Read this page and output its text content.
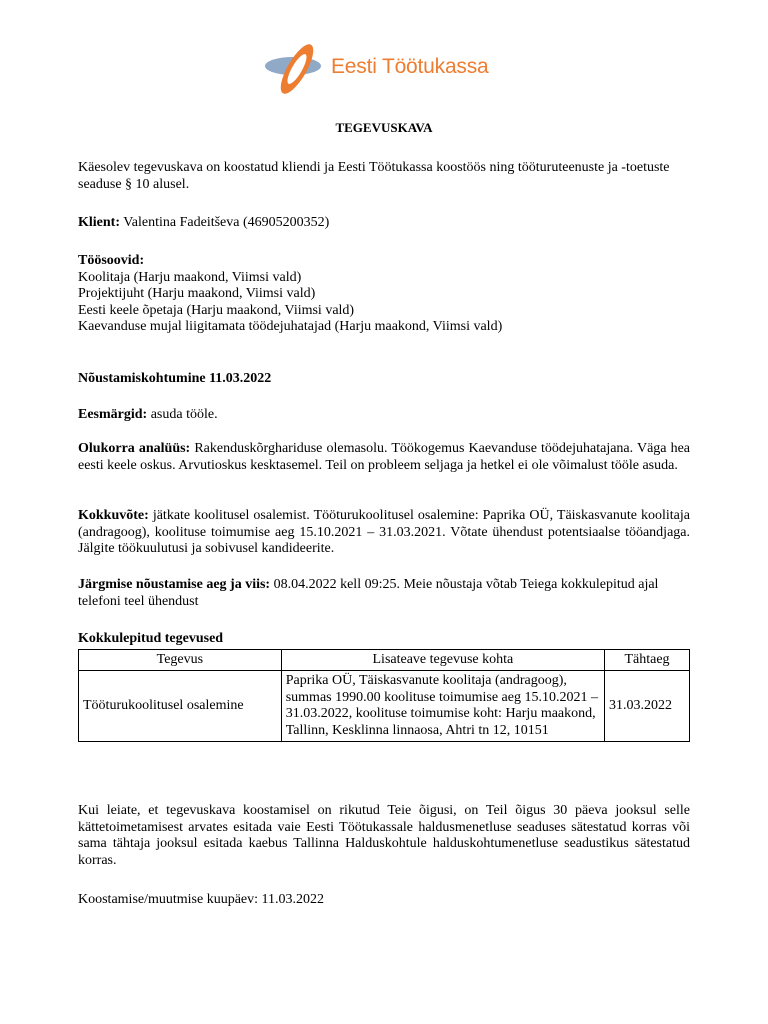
Eesti Töötukassa
TEGEVUSKAVA
Käesolev tegevuskava on koostatud kliendi ja Eesti Töötukassa koostöös ning tööturuteenuste ja -toetuste seaduse § 10 alusel.
Klient: Valentina Fadeitševa (46905200352)
Töösoovid:
Koolitaja (Harju maakond, Viimsi vald)
Projektijuht (Harju maakond, Viimsi vald)
Eesti keele õpetaja (Harju maakond, Viimsi vald)
Kaevanduse mujal liigitamata töödejuhatajad (Harju maakond, Viimsi vald)
Nõustamiskohtumine 11.03.2022
Eesmärgid: asuda tööle.
Olukorra analüüs: Rakenduskõrghariduse olemasolu. Töökogemus Kaevanduse töödejuhatajana. Väga hea eesti keele oskus. Arvutioskus kesktasemel. Teil on probleem seljaga ja hetkel ei ole võimalust tööle asuda.
Kokkuvõte: jätkate koolitusel osalemist. Tööturukoolitusel osalemine: Paprika OÜ, Täiskasvanute koolitaja (andragoog), koolituse toimumise aeg 15.10.2021 – 31.03.2021. Võtate ühendust potentsiaalse tööandjaga. Jälgite töökuulutusi ja sobivusel kandideerite.
Järgmise nõustamise aeg ja viis: 08.04.2022 kell 09:25. Meie nõustaja võtab Teiega kokkulepitud ajal telefoni teel ühendust
Kokkulepitud tegevused
Tegevus	Lisateave tegevuse kohta	Tähtaeg
Tööturukoolitusel osalemine	Paprika OÜ, Täiskasvanute koolitaja (andragoog), summas 1990.00 koolituse toimumise aeg 15.10.2021 – 31.03.2022, koolituse toimumise koht: Harju maakond, Tallinn, Kesklinna linnaosa, Ahtri tn 12, 10151	31.03.2022
Kui leiate, et tegevuskava koostamisel on rikutud Teie õigusi, on Teil õigus 30 päeva jooksul selle kättetoimetamisest arvates esitada vaie Eesti Töötukassale haldusmenetluse seaduses sätestatud korras või sama tähtaja jooksul esitada kaebus Tallinna Halduskohtule halduskohtumenetluse seadustikus sätestatud korras.
Koostamise/muutmise kuupäev: 11.03.2022
